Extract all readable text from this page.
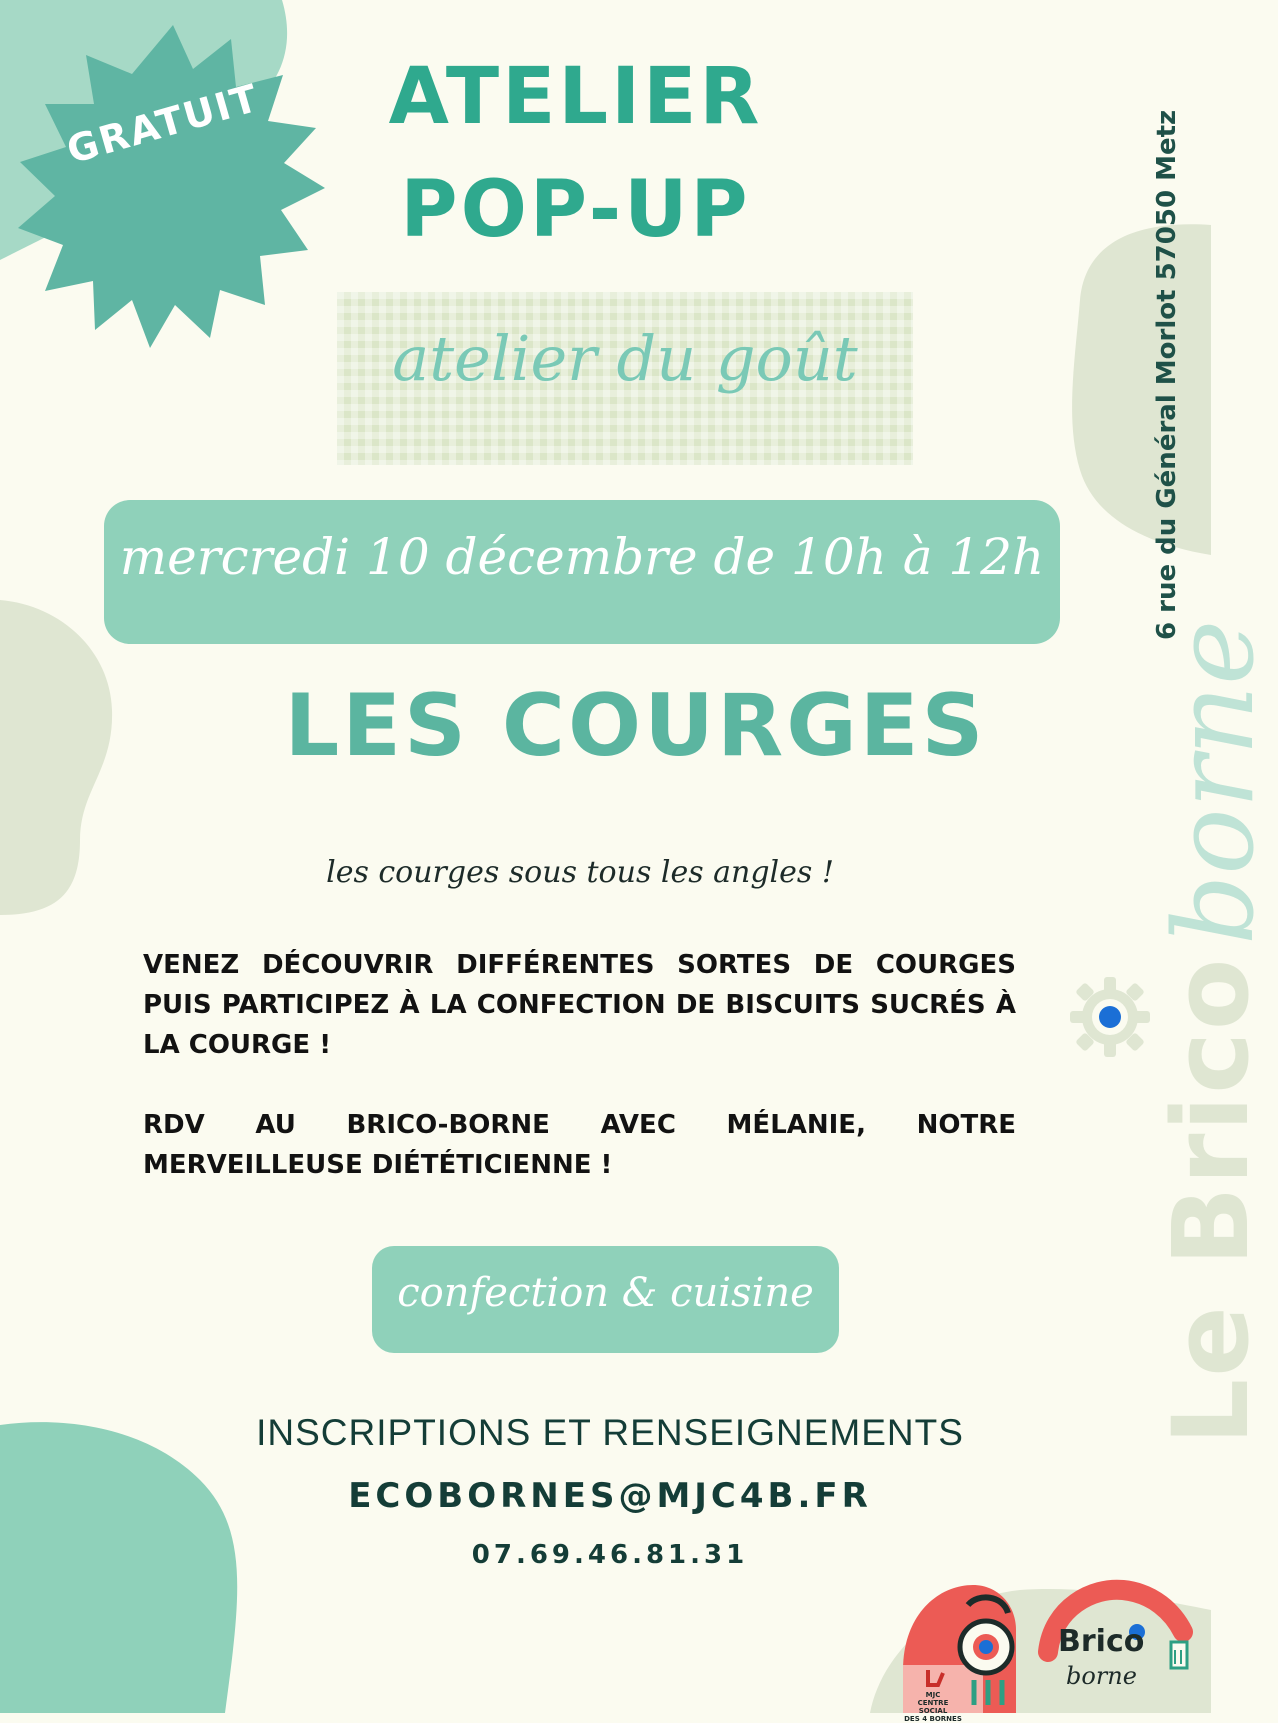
GRATUIT	ATELIER
POP-UP
atelier du goût
mercredi 10 décembre de 10h à 12h
LES COURGES
les courges sous tous les angles !
VENEZ DÉCOUVRIR DIFFÉRENTES SORTES DE COURGES PUIS PARTICIPEZ À LA CONFECTION DE BISCUITS SUCRÉS À LA COURGE !
RDV AU BRICO-BORNE AVEC MÉLANIE, NOTRE MERVEILLEUSE DIÉTÉTICIENNE !
confection & cuisine
INSCRIPTIONS ET RENSEIGNEMENTS
ECOBORNES@MJC4B.FR
07.69.46.81.31
6 rue du Général Morlot 57050 Metz
Le Brico
borne
MJC
CENTRE SOCIAL
DES 4 BORNES
Brico
borne
